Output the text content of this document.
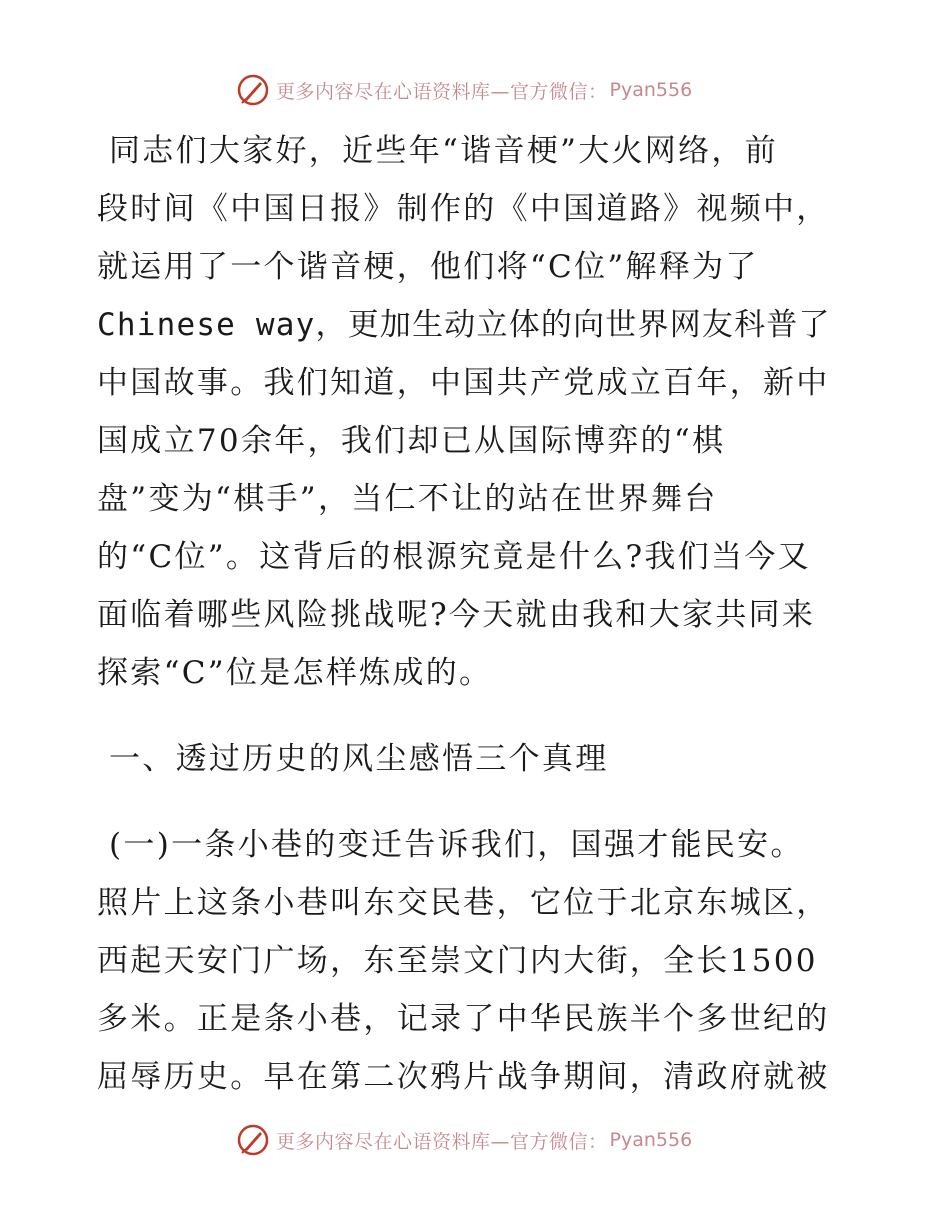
更多内容尽在心语资料库—官方微信： Pyan556
同志们大家好，近些年“谐音梗”大火网络，前
段时间《中国日报》制作的《中国道路》视频中，
就运用了一个谐音梗，他们将“C位”解释为了
Chinese way，更加生动立体的向世界网友科普了
中国故事。我们知道，中国共产党成立百年，新中
国成立70余年，我们却已从国际博弈的“棋
盘”变为“棋手”，当仁不让的站在世界舞台
的“C位”。这背后的根源究竟是什么?我们当今又
面临着哪些风险挑战呢?今天就由我和大家共同来
探索“C”位是怎样炼成的。
一、透过历史的风尘感悟三个真理
(一)一条小巷的变迁告诉我们，国强才能民安。
照片上这条小巷叫东交民巷，它位于北京东城区，
西起天安门广场，东至崇文门内大街，全长1500
多米。正是条小巷，记录了中华民族半个多世纪的
屈辱历史。早在第二次鸦片战争期间，清政府就被
更多内容尽在心语资料库—官方微信： Pyan556
